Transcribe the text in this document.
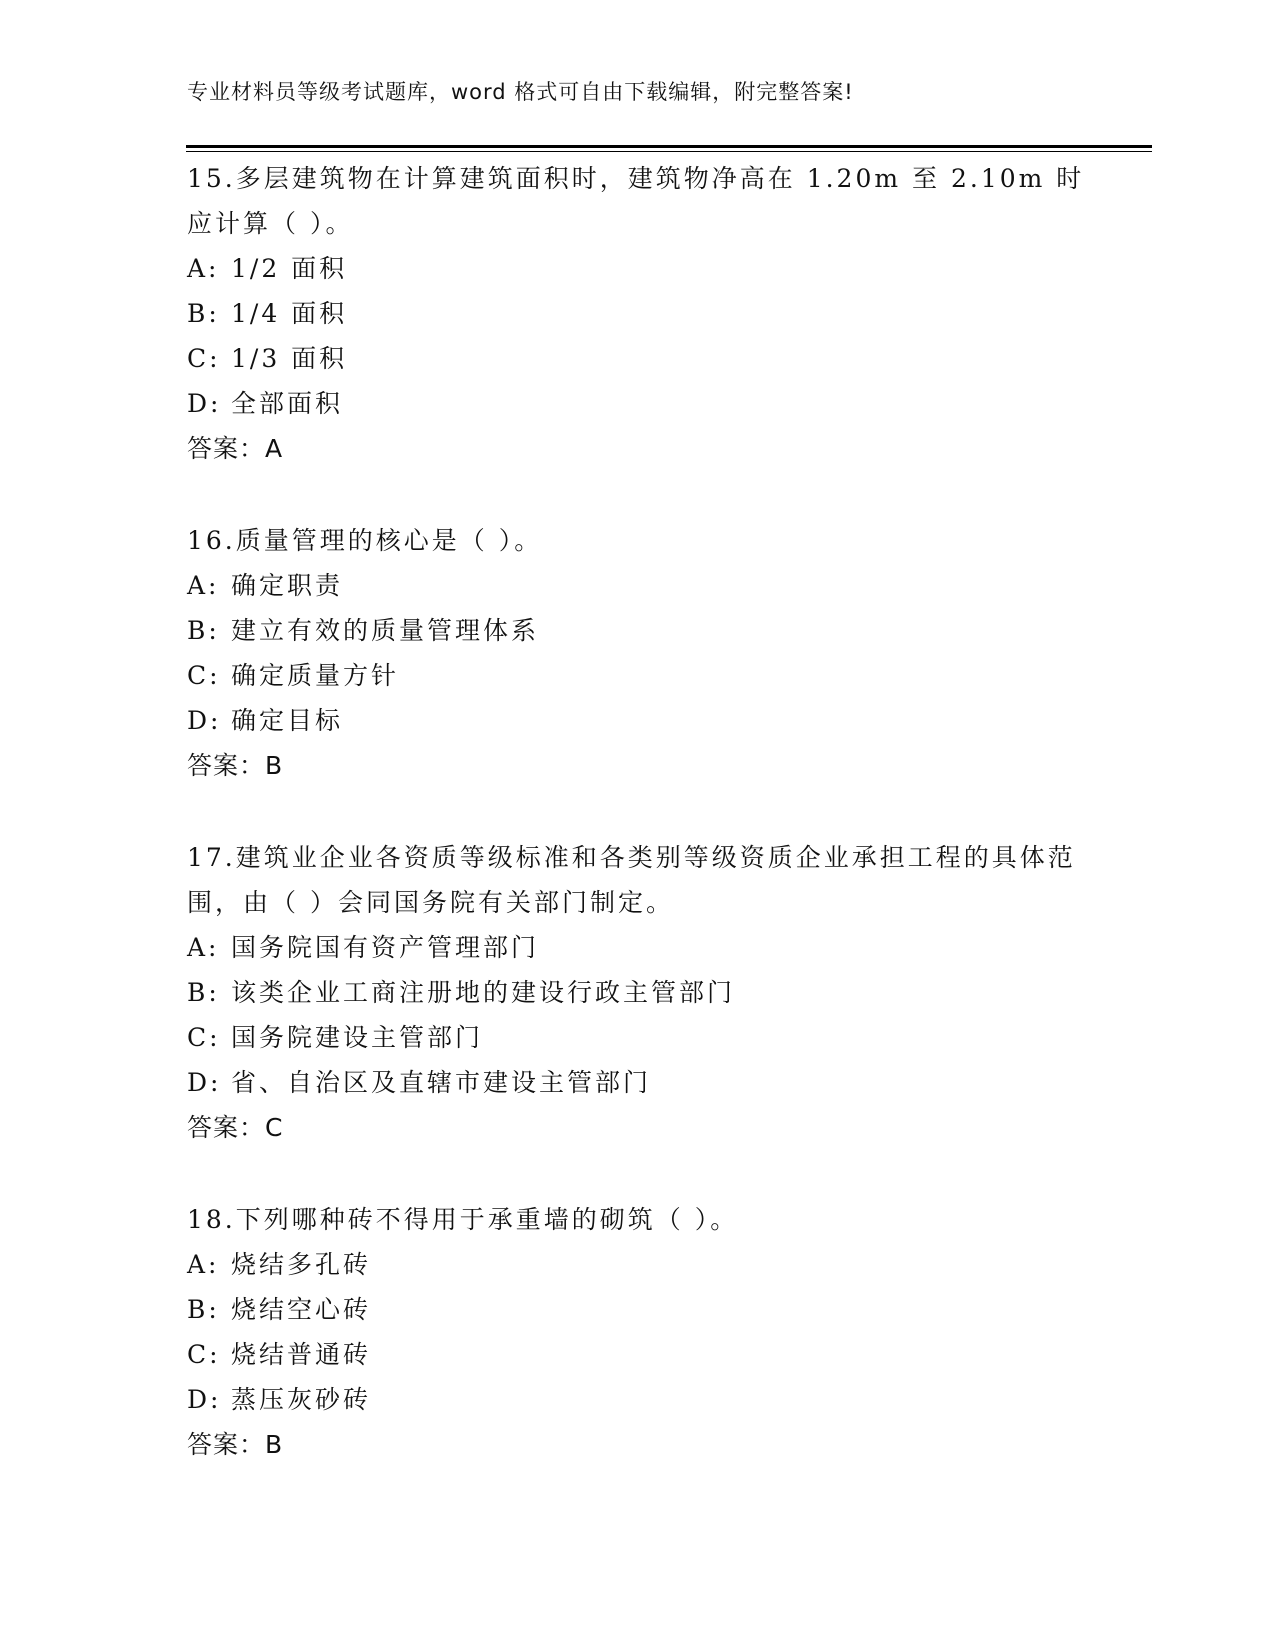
专业材料员等级考试题库，word 格式可自由下载编辑，附完整答案!

15.多层建筑物在计算建筑面积时，建筑物净高在 1.20m 至 2.10m 时应计算（ ）。

A: 1/2 面积
B: 1/4 面积
C: 1/3 面积
D: 全部面积
答案：A

16.质量管理的核心是（ ）。

A: 确定职责
B: 建立有效的质量管理体系
C: 确定质量方针
D: 确定目标
答案：B

17.建筑业企业各资质等级标准和各类别等级资质企业承担工程的具体范围，由（ ）会同国务院有关部门制定。

A: 国务院国有资产管理部门
B: 该类企业工商注册地的建设行政主管部门
C: 国务院建设主管部门
D: 省、自治区及直辖市建设主管部门
答案：C

18.下列哪种砖不得用于承重墙的砌筑（ ）。

A: 烧结多孔砖
B: 烧结空心砖
C: 烧结普通砖
D: 蒸压灰砂砖
答案：B
